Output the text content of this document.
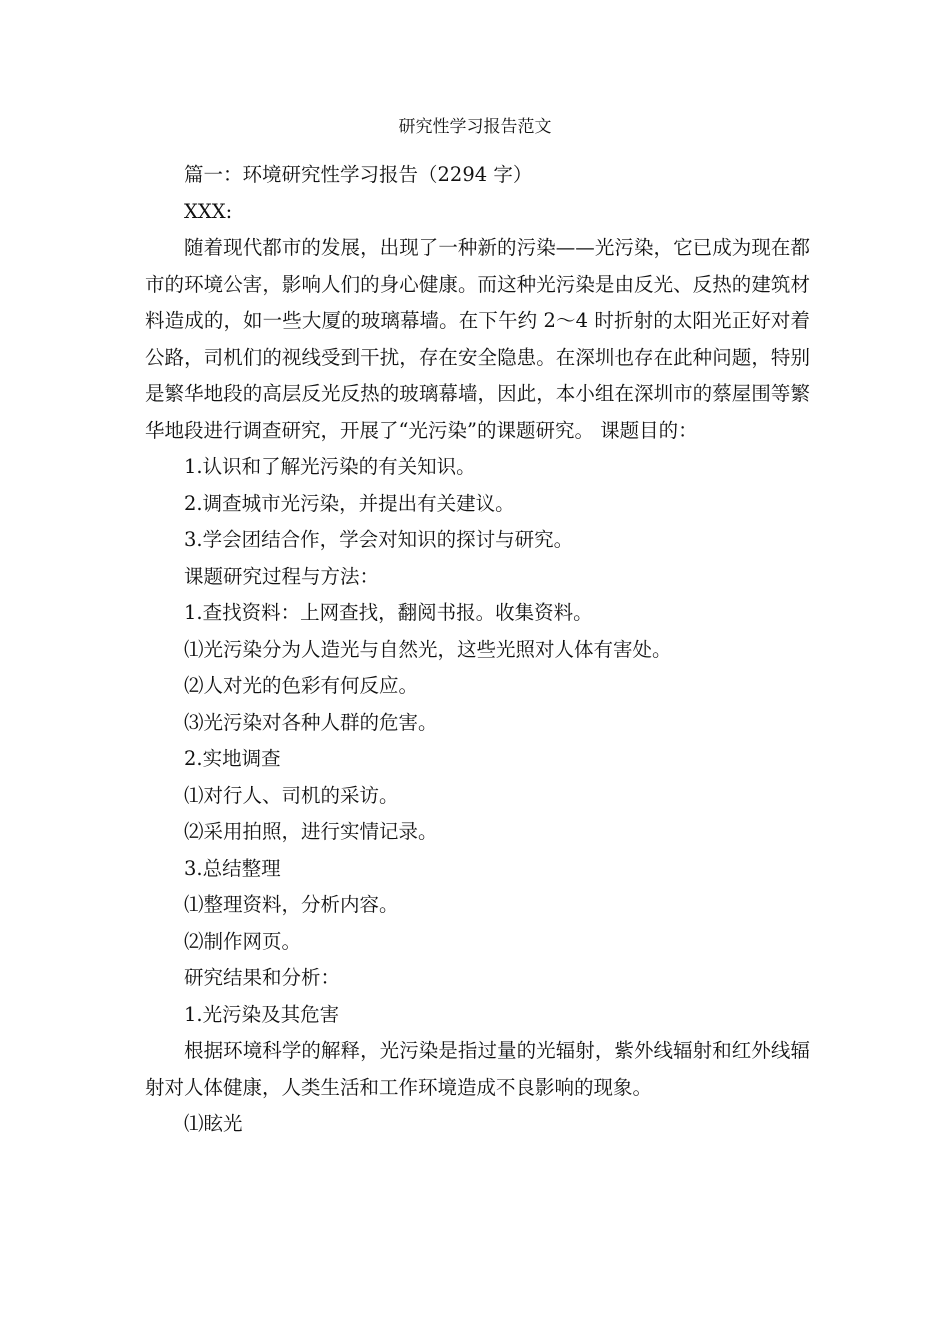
研究性学习报告范文

篇一：环境研究性学习报告（2294 字）

XXX:

随着现代都市的发展，出现了一种新的污染——光污染，它已成为现在都市的环境公害，影响人们的身心健康。而这种光污染是由反光、反热的建筑材料造成的，如一些大厦的玻璃幕墙。在下午约 2～4 时折射的太阳光正好对着公路，司机们的视线受到干扰，存在安全隐患。在深圳也存在此种问题，特别是繁华地段的高层反光反热的玻璃幕墙，因此，本小组在深圳市的蔡屋围等繁华地段进行调查研究，开展了“光污染”的课题研究。 课题目的：

1.认识和了解光污染的有关知识。

2.调查城市光污染，并提出有关建议。

3.学会团结合作，学会对知识的探讨与研究。

课题研究过程与方法：

1.查找资料：上网查找，翻阅书报。收集资料。

⑴光污染分为人造光与自然光，这些光照对人体有害处。

⑵人对光的色彩有何反应。

⑶光污染对各种人群的危害。

2.实地调查

⑴对行人、司机的采访。

⑵采用拍照，进行实情记录。

3.总结整理

⑴整理资料，分析内容。

⑵制作网页。

研究结果和分析：

1.光污染及其危害

根据环境科学的解释，光污染是指过量的光辐射，紫外线辐射和红外线辐射对人体健康，人类生活和工作环境造成不良影响的现象。

⑴眩光
